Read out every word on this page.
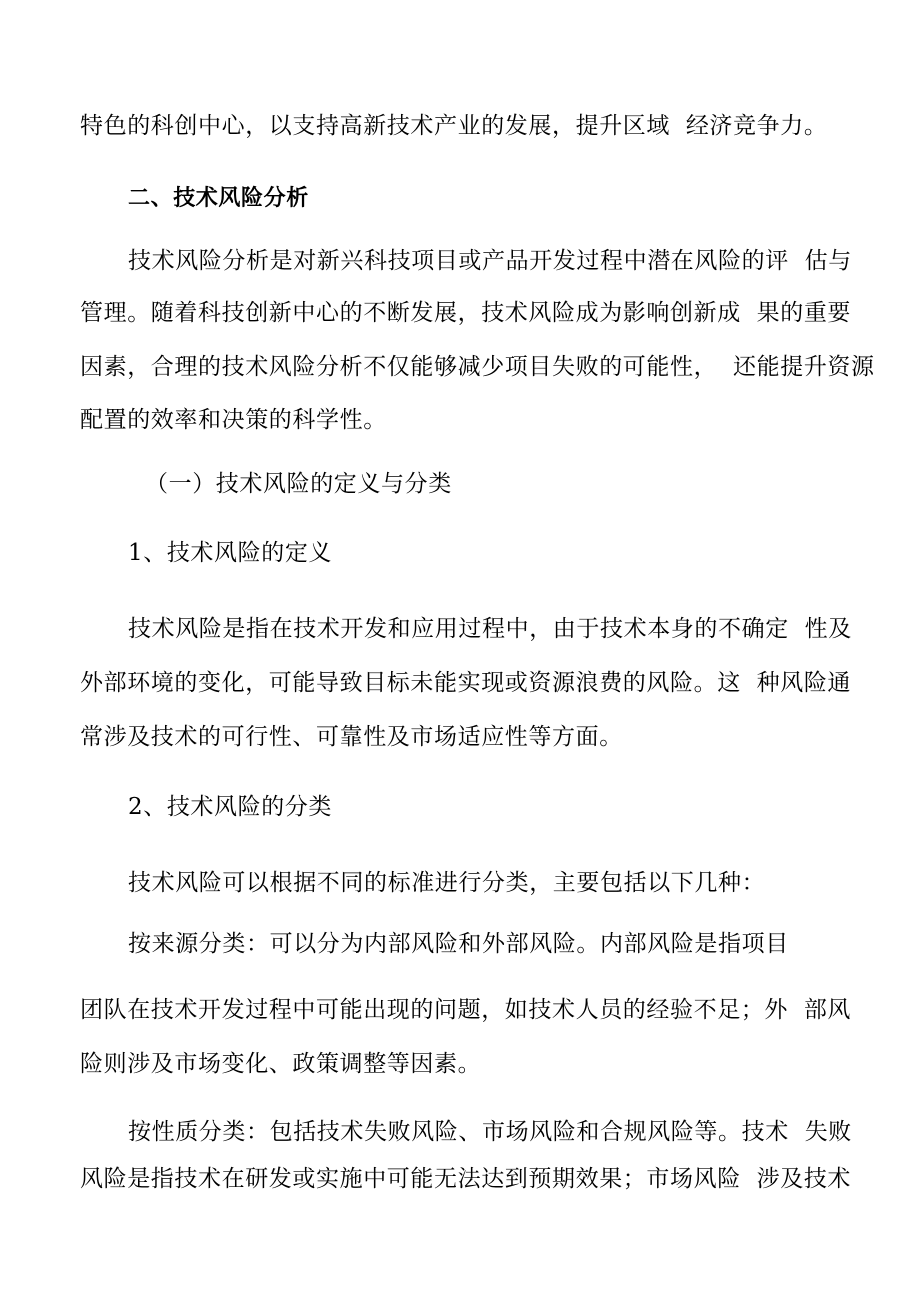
特色的科创中心，以支持高新技术产业的发展，提升区域  经济竞争力。
二、技术风险分析
技术风险分析是对新兴科技项目或产品开发过程中潜在风险的评  估与
管理。随着科技创新中心的不断发展，技术风险成为影响创新成  果的重要
因素，合理的技术风险分析不仅能够减少项目失败的可能性，  还能提升资源
配置的效率和决策的科学性。
（一）技术风险的定义与分类
1、技术风险的定义
技术风险是指在技术开发和应用过程中，由于技术本身的不确定  性及
外部环境的变化，可能导致目标未能实现或资源浪费的风险。这  种风险通
常涉及技术的可行性、可靠性及市场适应性等方面。
2、技术风险的分类
技术风险可以根据不同的标准进行分类，主要包括以下几种：
按来源分类：可以分为内部风险和外部风险。内部风险是指项目
团队在技术开发过程中可能出现的问题，如技术人员的经验不足；外  部风
险则涉及市场变化、政策调整等因素。
按性质分类：包括技术失败风险、市场风险和合规风险等。技术  失败
风险是指技术在研发或实施中可能无法达到预期效果；市场风险  涉及技术
